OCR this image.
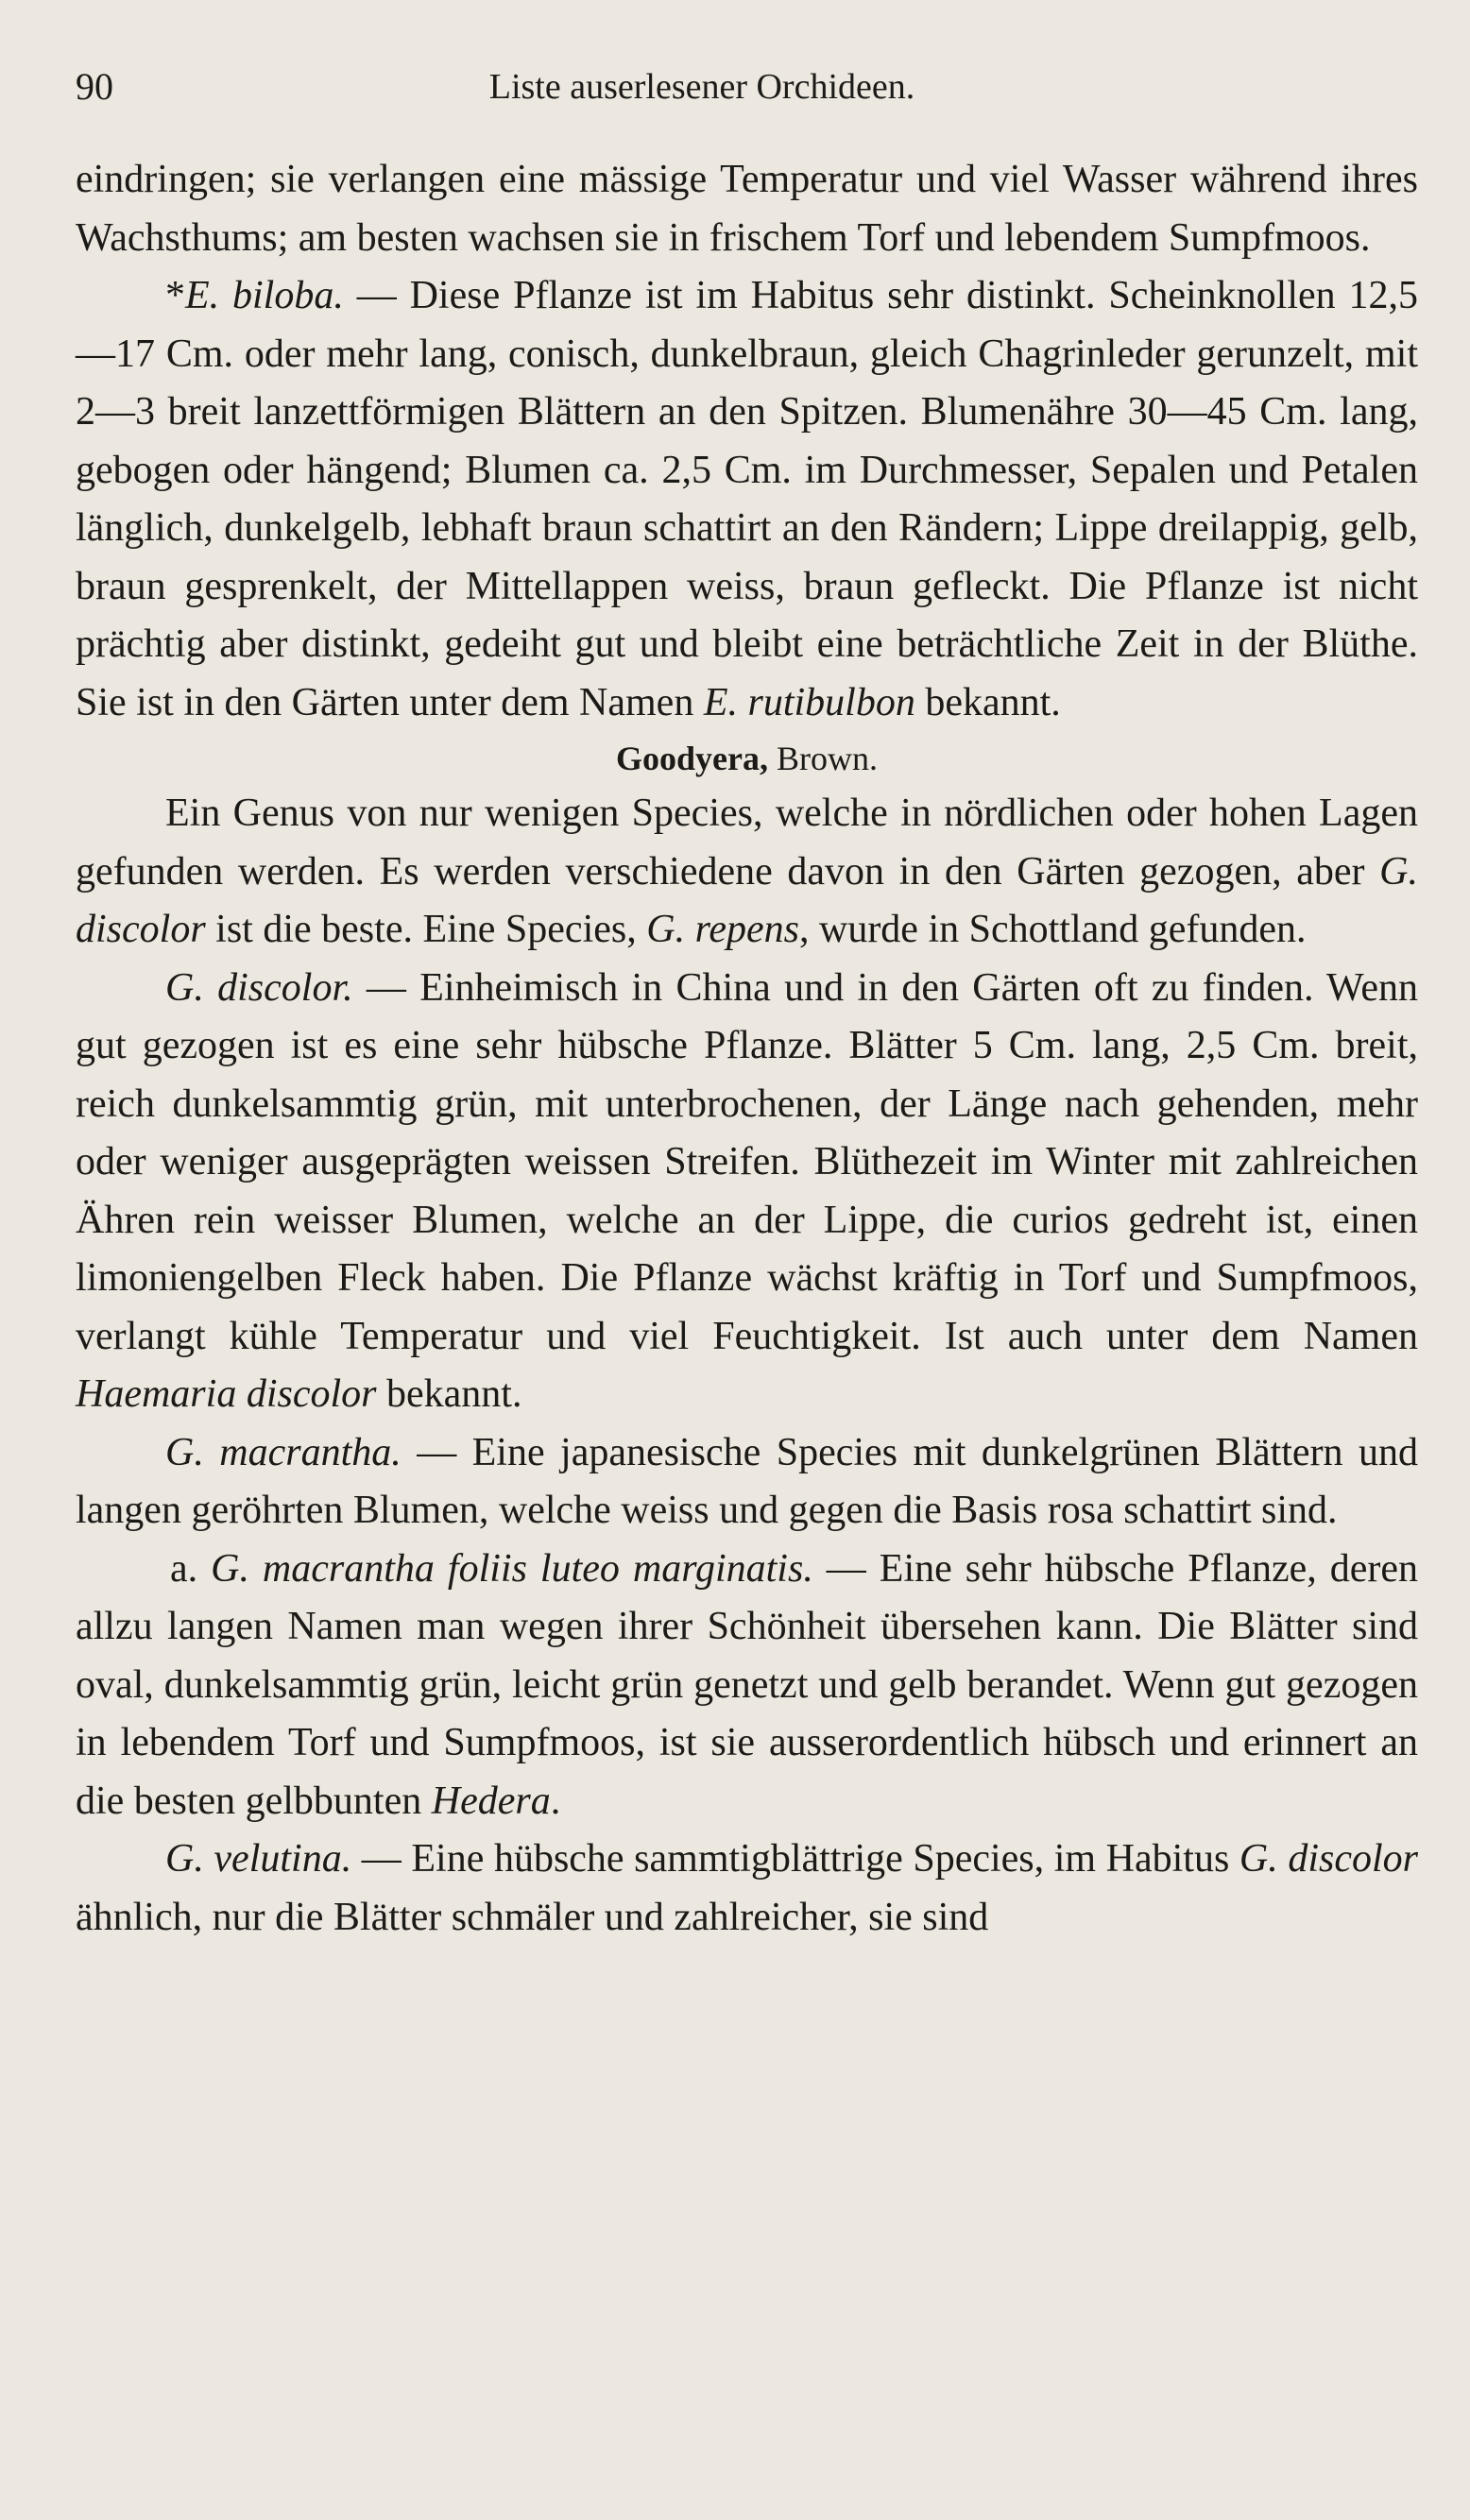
90	Liste auserlesener Orchideen.

eindringen; sie verlangen eine mässige Temperatur und viel Wasser während ihres Wachsthums; am besten wachsen sie in frischem Torf und lebendem Sumpfmoos.

*E. biloba. — Diese Pflanze ist im Habitus sehr distinkt. Scheinknollen 12,5—17 Cm. oder mehr lang, conisch, dunkelbraun, gleich Chagrinleder gerunzelt, mit 2—3 breit lanzettförmigen Blättern an den Spitzen. Blumenähre 30—45 Cm. lang, gebogen oder hängend; Blumen ca. 2,5 Cm. im Durchmesser, Sepalen und Petalen länglich, dunkelgelb, lebhaft braun schattirt an den Rändern; Lippe dreilappig, gelb, braun gesprenkelt, der Mittellappen weiss, braun gefleckt. Die Pflanze ist nicht prächtig aber distinkt, gedeiht gut und bleibt eine beträchtliche Zeit in der Blüthe. Sie ist in den Gärten unter dem Namen E. rutibulbon bekannt.

Goodyera, Brown.

Ein Genus von nur wenigen Species, welche in nördlichen oder hohen Lagen gefunden werden. Es werden verschiedene davon in den Gärten gezogen, aber G. discolor ist die beste. Eine Species, G. repens, wurde in Schottland gefunden.

G. discolor. — Einheimisch in China und in den Gärten oft zu finden. Wenn gut gezogen ist es eine sehr hübsche Pflanze. Blätter 5 Cm. lang, 2,5 Cm. breit, reich dunkelsammtig grün, mit unterbrochenen, der Länge nach gehenden, mehr oder weniger ausgeprägten weissen Streifen. Blüthezeit im Winter mit zahlreichen Ähren rein weisser Blumen, welche an der Lippe, die curios gedreht ist, einen limoniengelben Fleck haben. Die Pflanze wächst kräftig in Torf und Sumpfmoos, verlangt kühle Temperatur und viel Feuchtigkeit. Ist auch unter dem Namen Haemaria discolor bekannt.

G. macrantha. — Eine japanesische Species mit dunkelgrünen Blättern und langen geröhrten Blumen, welche weiss und gegen die Basis rosa schattirt sind.

a. G. macrantha foliis luteo marginatis. — Eine sehr hübsche Pflanze, deren allzu langen Namen man wegen ihrer Schönheit übersehen kann. Die Blätter sind oval, dunkelsammtig grün, leicht grün genetzt und gelb berandet. Wenn gut gezogen in lebendem Torf und Sumpfmoos, ist sie ausserordentlich hübsch und erinnert an die besten gelbbunten Hedera.

G. velutina. — Eine hübsche sammtigblättrige Species, im Habitus G. discolor ähnlich, nur die Blätter schmäler und zahlreicher, sie sind
